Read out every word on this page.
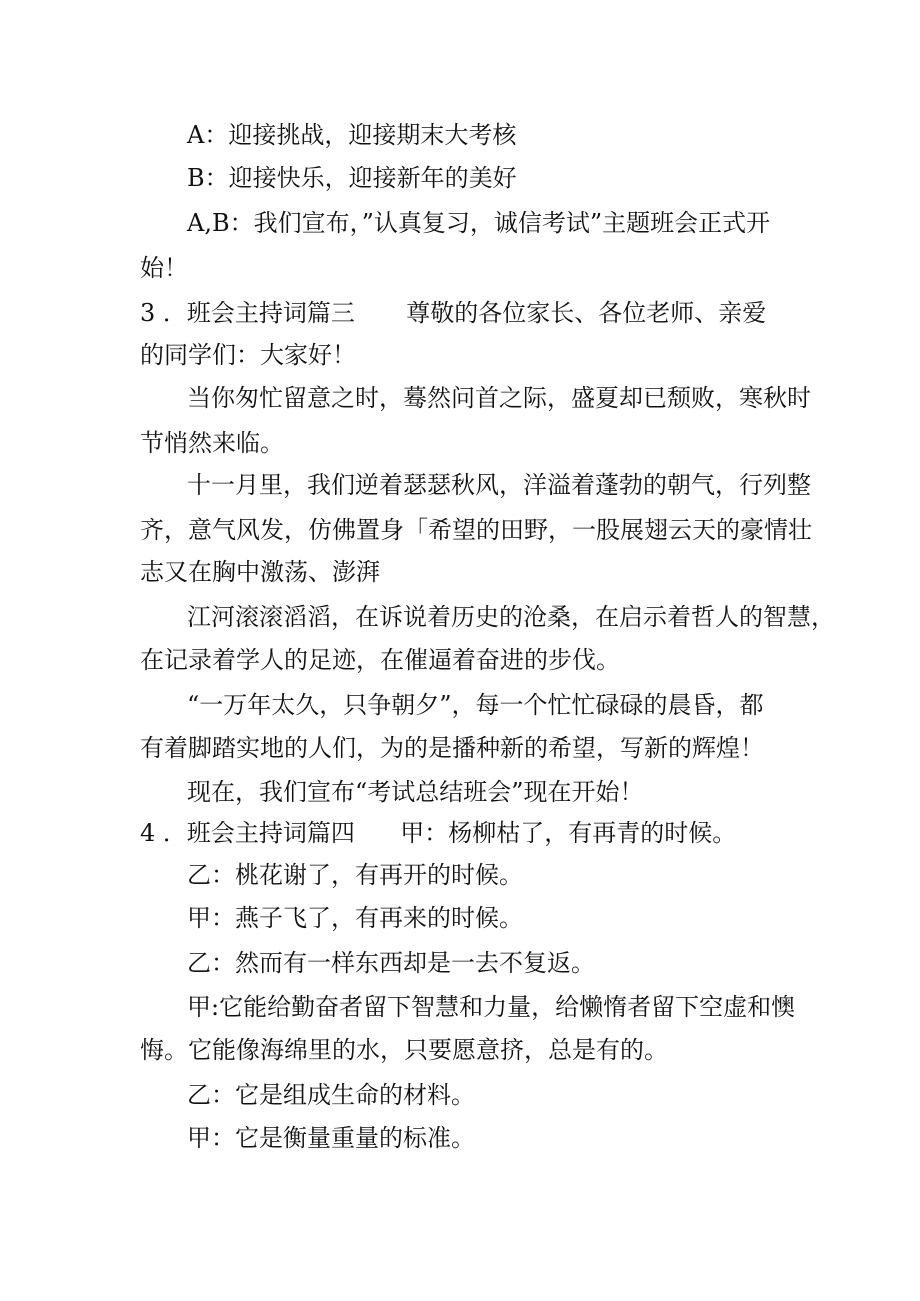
A：迎接挑战，迎接期末大考核
B：迎接快乐，迎接新年的美好
A,B：我们宣布，”认真复习，诚信考试”主题班会正式开
始！
3 ．班会主持词篇三 尊敬的各位家长、各位老师、亲爱
的同学们：大家好！
当你匆忙留意之时，蓦然问首之际，盛夏却已颓败，寒秋时
节悄然来临。
十一月里，我们逆着瑟瑟秋风，洋溢着蓬勃的朝气，行列整
齐，意气风发，仿佛置身「希望的田野，一股展翅云天的豪情壮
志又在胸中激荡、澎湃
江河滚滚滔滔，在诉说着历史的沧桑，在启示着哲人的智慧，
在记录着学人的足迹，在催逼着奋进的步伐。
“一万年太久，只争朝夕”，每一个忙忙碌碌的晨昏，都
有着脚踏实地的人们，为的是播种新的希望，写新的辉煌！
现在，我们宣布“考试总结班会”现在开始！
4 ．班会主持词篇四 甲：杨柳枯了，有再青的时候。
乙：桃花谢了，有再开的时候。
甲：燕子飞了，有再来的时候。
乙：然而有一样东西却是一去不复返。
甲:它能给勤奋者留下智慧和力量，给懒惰者留下空虚和懊
悔。它能像海绵里的水，只要愿意挤，总是有的。
乙：它是组成生命的材料。
甲：它是衡量重量的标准。
